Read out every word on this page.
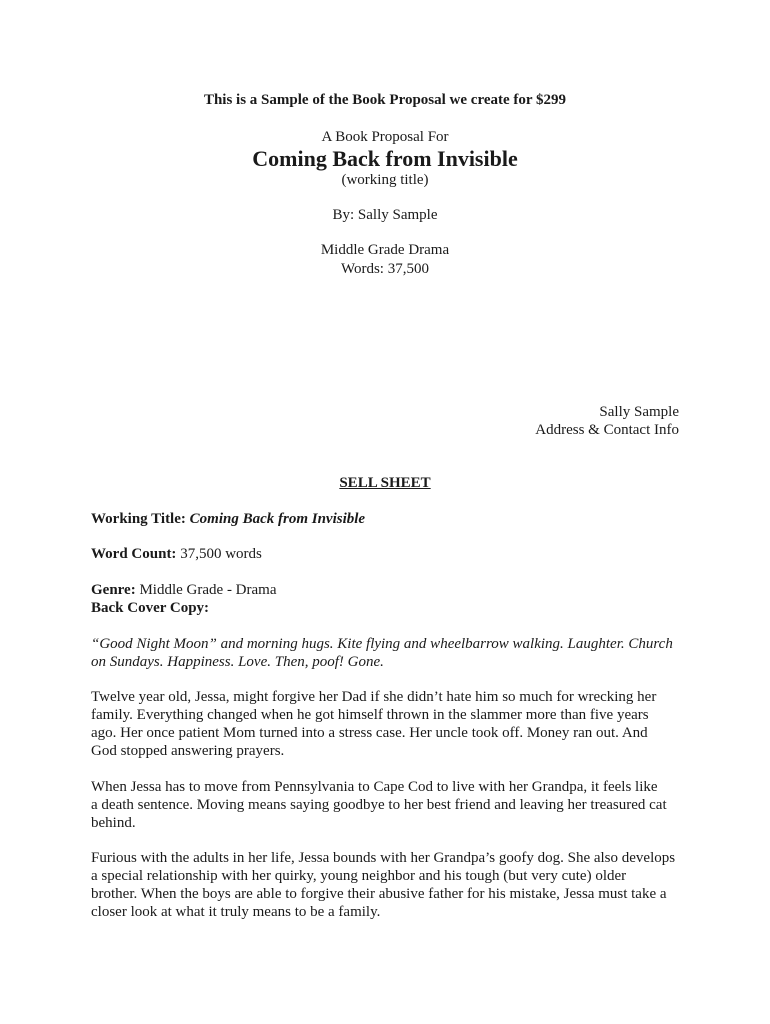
This is a Sample of the Book Proposal we create for $299
A Book Proposal For
Coming Back from Invisible
(working title)
By: Sally Sample
Middle Grade Drama
Words: 37,500
Sally Sample
Address & Contact Info
SELL SHEET
Working Title: Coming Back from Invisible
Word Count: 37,500 words
Genre: Middle Grade - Drama
Back Cover Copy:
“Good Night Moon” and morning hugs. Kite flying and wheelbarrow walking. Laughter. Church
on Sundays. Happiness. Love. Then, poof! Gone.
Twelve year old, Jessa, might forgive her Dad if she didn’t hate him so much for wrecking her
family. Everything changed when he got himself thrown in the slammer more than five years
ago. Her once patient Mom turned into a stress case. Her uncle took off. Money ran out. And
God stopped answering prayers.
When Jessa has to move from Pennsylvania to Cape Cod to live with her Grandpa, it feels like
a death sentence. Moving means saying goodbye to her best friend and leaving her treasured cat
behind.
Furious with the adults in her life, Jessa bounds with her Grandpa’s goofy dog. She also develops
a special relationship with her quirky, young neighbor and his tough (but very cute) older
brother. When the boys are able to forgive their abusive father for his mistake, Jessa must take a
closer look at what it truly means to be a family.
